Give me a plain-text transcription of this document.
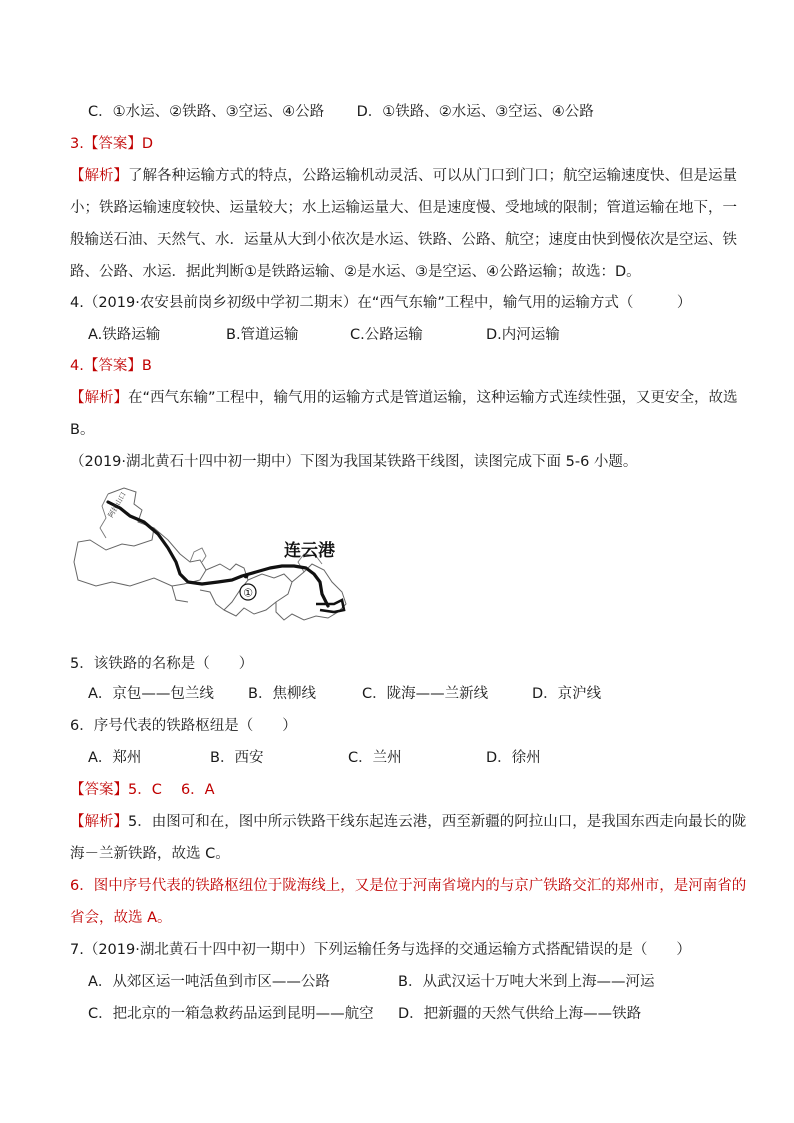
C．①水运、②铁路、③空运、④公路 D．①铁路、②水运、③空运、④公路
3.【答案】D
【解析】了解各种运输方式的特点，公路运输机动灵活、可以从门口到门口；航空运输速度快、但是运量
小；铁路运输速度较快、运量较大；水上运输运量大、但是速度慢、受地域的限制；管道运输在地下，一
般输送石油、天然气、水．运量从大到小依次是水运、铁路、公路、航空；速度由快到慢依次是空运、铁
路、公路、水运．据此判断①是铁路运输、②是水运、③是空运、④公路运输；故选：D。
4.（2019·农安县前岗乡初级中学初二期末）在“西气东输”工程中，输气用的运输方式（　　　）
A.铁路运输	B.管道运输	C.公路运输	D.内河运输
4.【答案】B
【解析】在“西气东输”工程中，输气用的运输方式是管道运输，这种运输方式连续性强，又更安全，故选
B。
（2019·湖北黄石十四中初一期中）下图为我国某铁路干线图，读图完成下面 5-6 小题。
①
连云港
阿拉山口
5．该铁路的名称是（　　）
A．京包——包兰线 B．焦柳线	C．陇海——兰新线	D．京沪线
6．序号代表的铁路枢纽是（　　）
A．郑州	B．西安	C．兰州	D．徐州
【答案】5．C　 6．A
【解析】5．由图可和在，图中所示铁路干线东起连云港，西至新疆的阿拉山口，是我国东西走向最长的陇
海－兰新铁路，故选 C。
6．图中序号代表的铁路枢纽位于陇海线上，又是位于河南省境内的与京广铁路交汇的郑州市，是河南省的
省会，故选 A。
7.（2019·湖北黄石十四中初一期中）下列运输任务与选择的交通运输方式搭配错误的是（　　）
A．从郊区运一吨活鱼到市区——公路	B．从武汉运十万吨大米到上海——河运
C．把北京的一箱急救药品运到昆明——航空 D．把新疆的天然气供给上海——铁路
